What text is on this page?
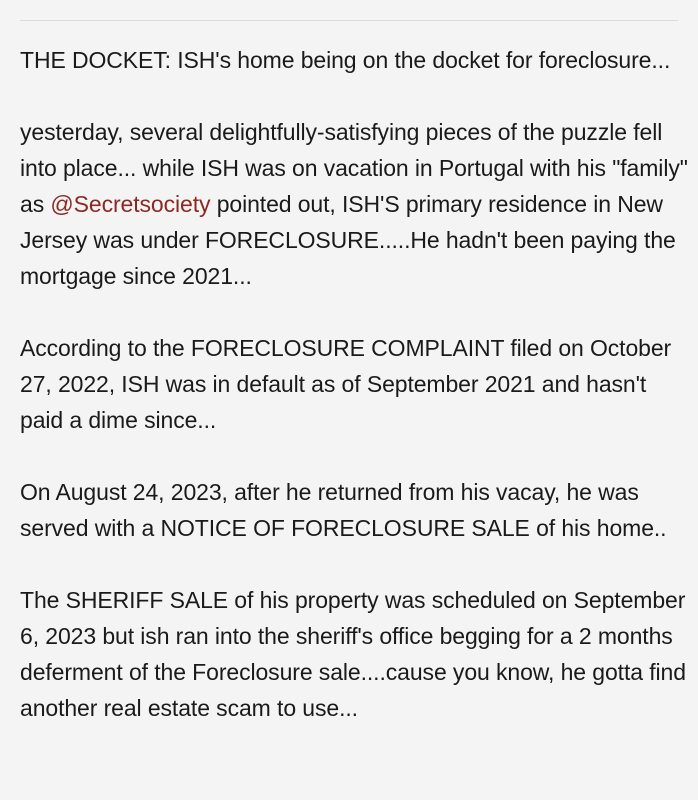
THE DOCKET: ISH's home being on the docket for foreclosure...

yesterday, several delightfully-satisfying pieces of the puzzle fell into place... while ISH was on vacation in Portugal with his "family" as @Secretsociety pointed out, ISH'S primary residence in New Jersey was under FORECLOSURE.....He hadn't been paying the mortgage since 2021...

According to the FORECLOSURE COMPLAINT filed on October 27, 2022, ISH was in default as of September 2021 and hasn't paid a dime since...

On August 24, 2023, after he returned from his vacay, he was served with a NOTICE OF FORECLOSURE SALE of his home..

The SHERIFF SALE of his property was scheduled on September 6, 2023 but ish ran into the sheriff's office begging for a 2 months deferment of the Foreclosure sale....cause you know, he gotta find another real estate scam to use...
